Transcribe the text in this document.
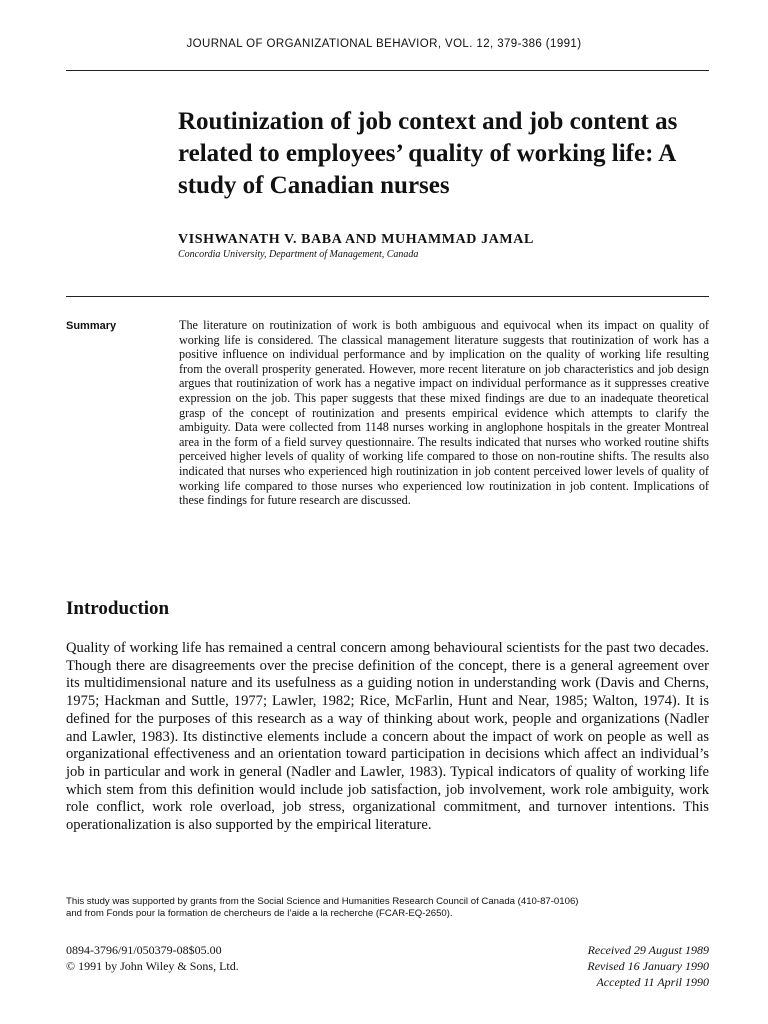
JOURNAL OF ORGANIZATIONAL BEHAVIOR, VOL. 12, 379-386 (1991)
Routinization of job context and job content as related to employees’ quality of working life: A study of Canadian nurses
VISHWANATH V. BABA AND MUHAMMAD JAMAL
Concordia University, Department of Management, Canada
Summary	The literature on routinization of work is both ambiguous and equivocal when its impact on quality of working life is considered. The classical management literature suggests that routinization of work has a positive influence on individual performance and by implication on the quality of working life resulting from the overall prosperity generated. However, more recent literature on job characteristics and job design argues that routinization of work has a negative impact on individual performance as it suppresses creative expression on the job. This paper suggests that these mixed findings are due to an inadequate theoretical grasp of the concept of routinization and presents empirical evidence which attempts to clarify the ambiguity. Data were collected from 1148 nurses working in anglophone hospitals in the greater Montreal area in the form of a field survey questionnaire. The results indicated that nurses who worked routine shifts perceived higher levels of quality of working life compared to those on non-routine shifts. The results also indicated that nurses who experienced high routinization in job content perceived lower levels of quality of working life compared to those nurses who experienced low routinization in job content. Implications of these findings for future research are discussed.
Introduction
Quality of working life has remained a central concern among behavioural scientists for the past two decades. Though there are disagreements over the precise definition of the concept, there is a general agreement over its multidimensional nature and its usefulness as a guiding notion in understanding work (Davis and Cherns, 1975; Hackman and Suttle, 1977; Lawler, 1982; Rice, McFarlin, Hunt and Near, 1985; Walton, 1974). It is defined for the purposes of this research as a way of thinking about work, people and organizations (Nadler and Lawler, 1983). Its distinctive elements include a concern about the impact of work on people as well as organizational effectiveness and an orientation toward participation in decisions which affect an individual’s job in particular and work in general (Nadler and Lawler, 1983). Typical indicators of quality of working life which stem from this definition would include job satisfaction, job involvement, work role ambiguity, work role conflict, work role overload, job stress, organizational commitment, and turnover intentions. This operationalization is also supported by the empirical literature.
This study was supported by grants from the Social Science and Humanities Research Council of Canada (410-87-0106)
and from Fonds pour la formation de chercheurs de l’aide a la recherche (FCAR-EQ-2650).
0894-3796/91/050379-08$05.00
© 1991 by John Wiley & Sons, Ltd.
Received 29 August 1989
Revised 16 January 1990
Accepted 11 April 1990
